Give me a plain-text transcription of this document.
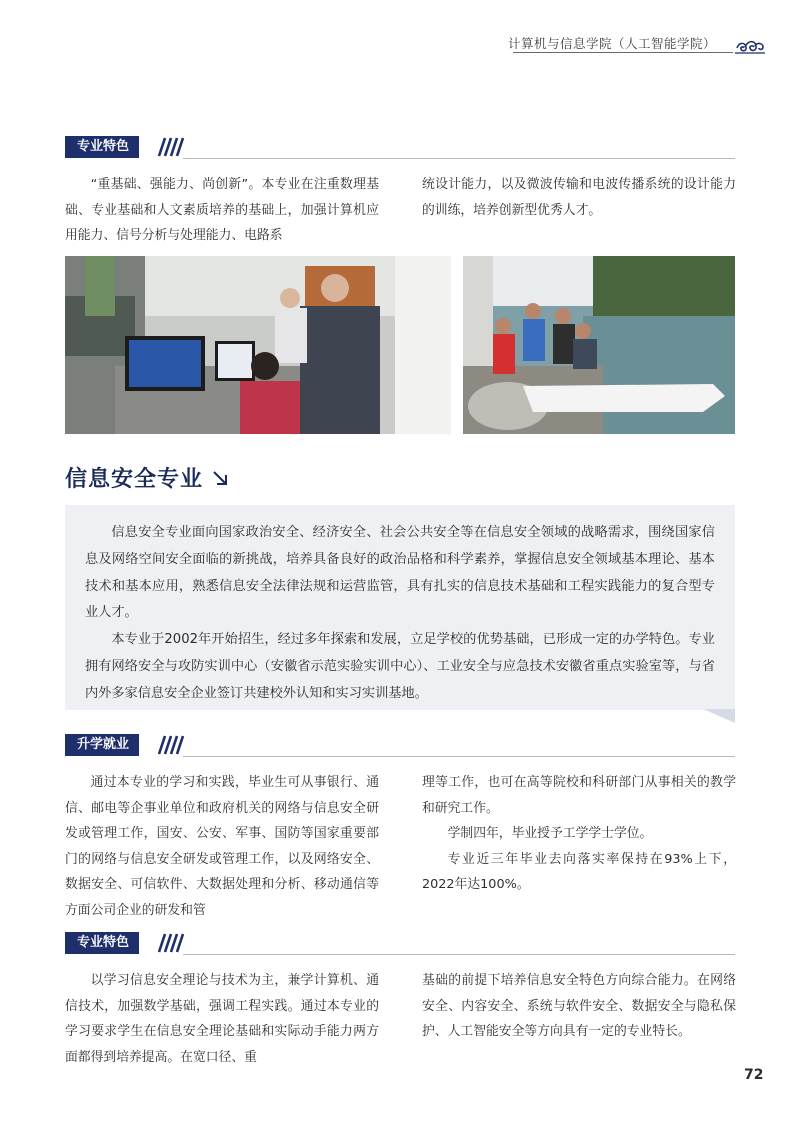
计算机与信息学院（人工智能学院）
专业特色

“重基础、强能力、尚创新”。本专业在注重数理基础、专业基础和人文素质培养的基础上，加强计算机应用能力、信号分析与处理能力、电路系

统设计能力，以及微波传输和电波传播系统的设计能力的训练，培养创新型优秀人才。

信息安全专业

信息安全专业面向国家政治安全、经济安全、社会公共安全等在信息安全领域的战略需求，围绕国家信息及网络空间安全面临的新挑战，培养具备良好的政治品格和科学素养，掌握信息安全领域基本理论、基本技术和基本应用，熟悉信息安全法律法规和运营监管，具有扎实的信息技术基础和工程实践能力的复合型专业人才。

本专业于2002年开始招生，经过多年探索和发展，立足学校的优势基础，已形成一定的办学特色。专业拥有网络安全与攻防实训中心（安徽省示范实验实训中心）、工业安全与应急技术安徽省重点实验室等，与省内外多家信息安全企业签订共建校外认知和实习实训基地。

升学就业

通过本专业的学习和实践，毕业生可从事银行、通信、邮电等企事业单位和政府机关的网络与信息安全研发或管理工作，国安、公安、军事、国防等国家重要部门的网络与信息安全研发或管理工作，以及网络安全、数据安全、可信软件、大数据处理和分析、移动通信等方面公司企业的研发和管

理等工作，也可在高等院校和科研部门从事相关的教学和研究工作。

学制四年，毕业授予工学学士学位。

专业近三年毕业去向落实率保持在93%上下，2022年达100%。

专业特色

以学习信息安全理论与技术为主，兼学计算机、通信技术，加强数学基础，强调工程实践。通过本专业的学习要求学生在信息安全理论基础和实际动手能力两方面都得到培养提高。在宽口径、重

基础的前提下培养信息安全特色方向综合能力。在网络安全、内容安全、系统与软件安全、数据安全与隐私保护、人工智能安全等方向具有一定的专业特长。

72
